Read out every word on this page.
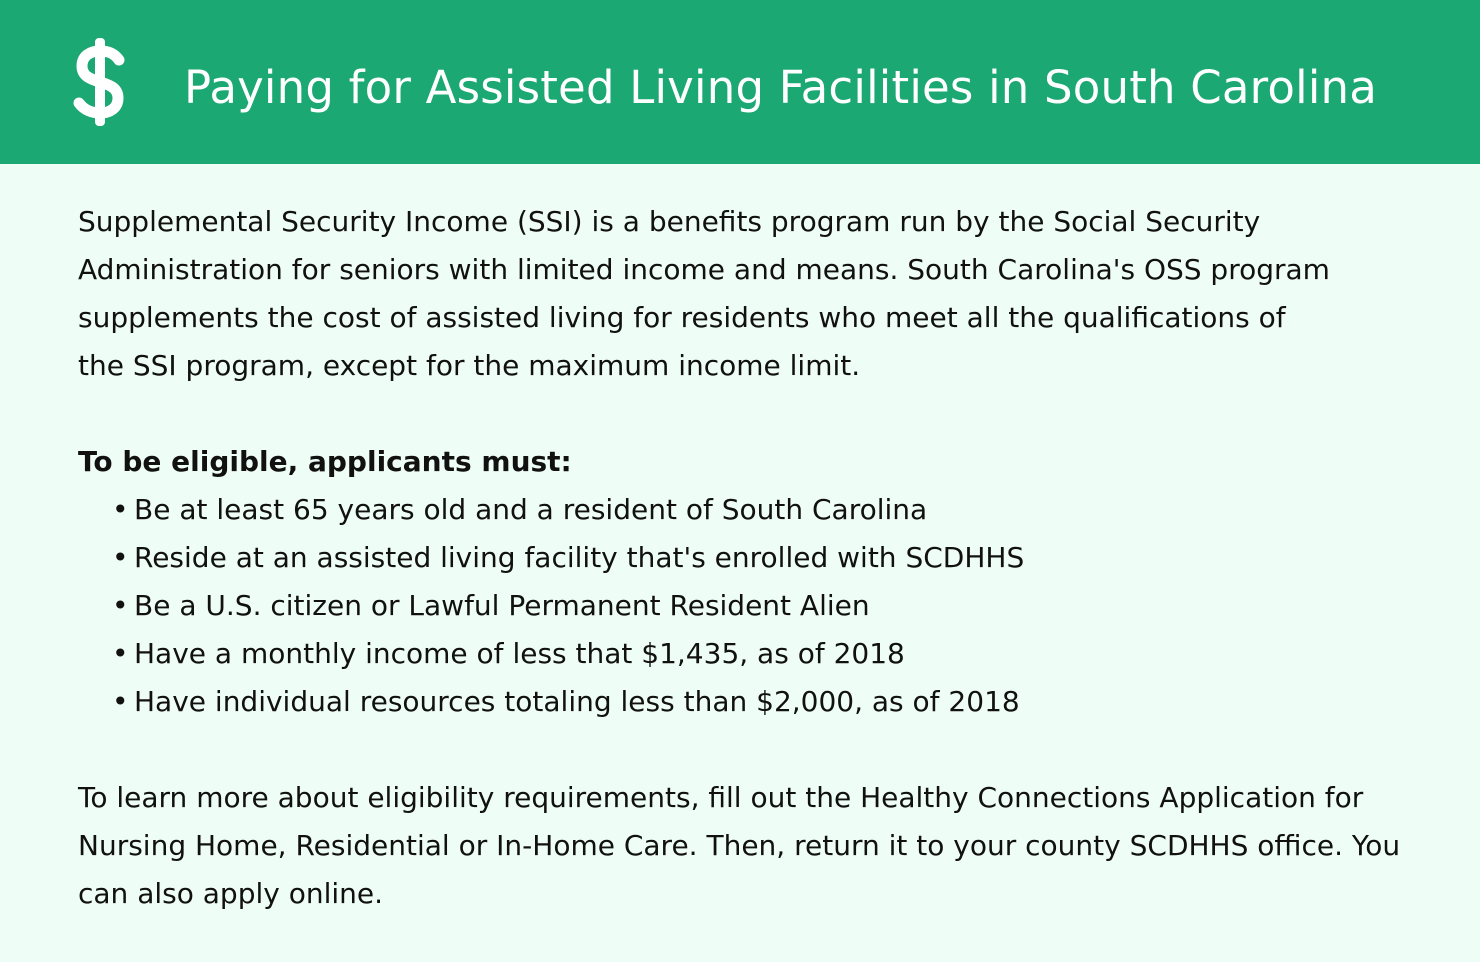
Paying for Assisted Living Facilities in South Carolina

Supplemental Security Income (SSI) is a benefits program run by the Social Security Administration for seniors with limited income and means. South Carolina's OSS program supplements the cost of assisted living for residents who meet all the qualifications of the SSI program, except for the maximum income limit.

To be eligible, applicants must:

• Be at least 65 years old and a resident of South Carolina
• Reside at an assisted living facility that's enrolled with SCDHHS
• Be a U.S. citizen or Lawful Permanent Resident Alien
• Have a monthly income of less that $1,435, as of 2018
• Have individual resources totaling less than $2,000, as of 2018

To learn more about eligibility requirements, fill out the Healthy Connections Application for Nursing Home, Residential or In-Home Care. Then, return it to your county SCDHHS office. You can also apply online.
